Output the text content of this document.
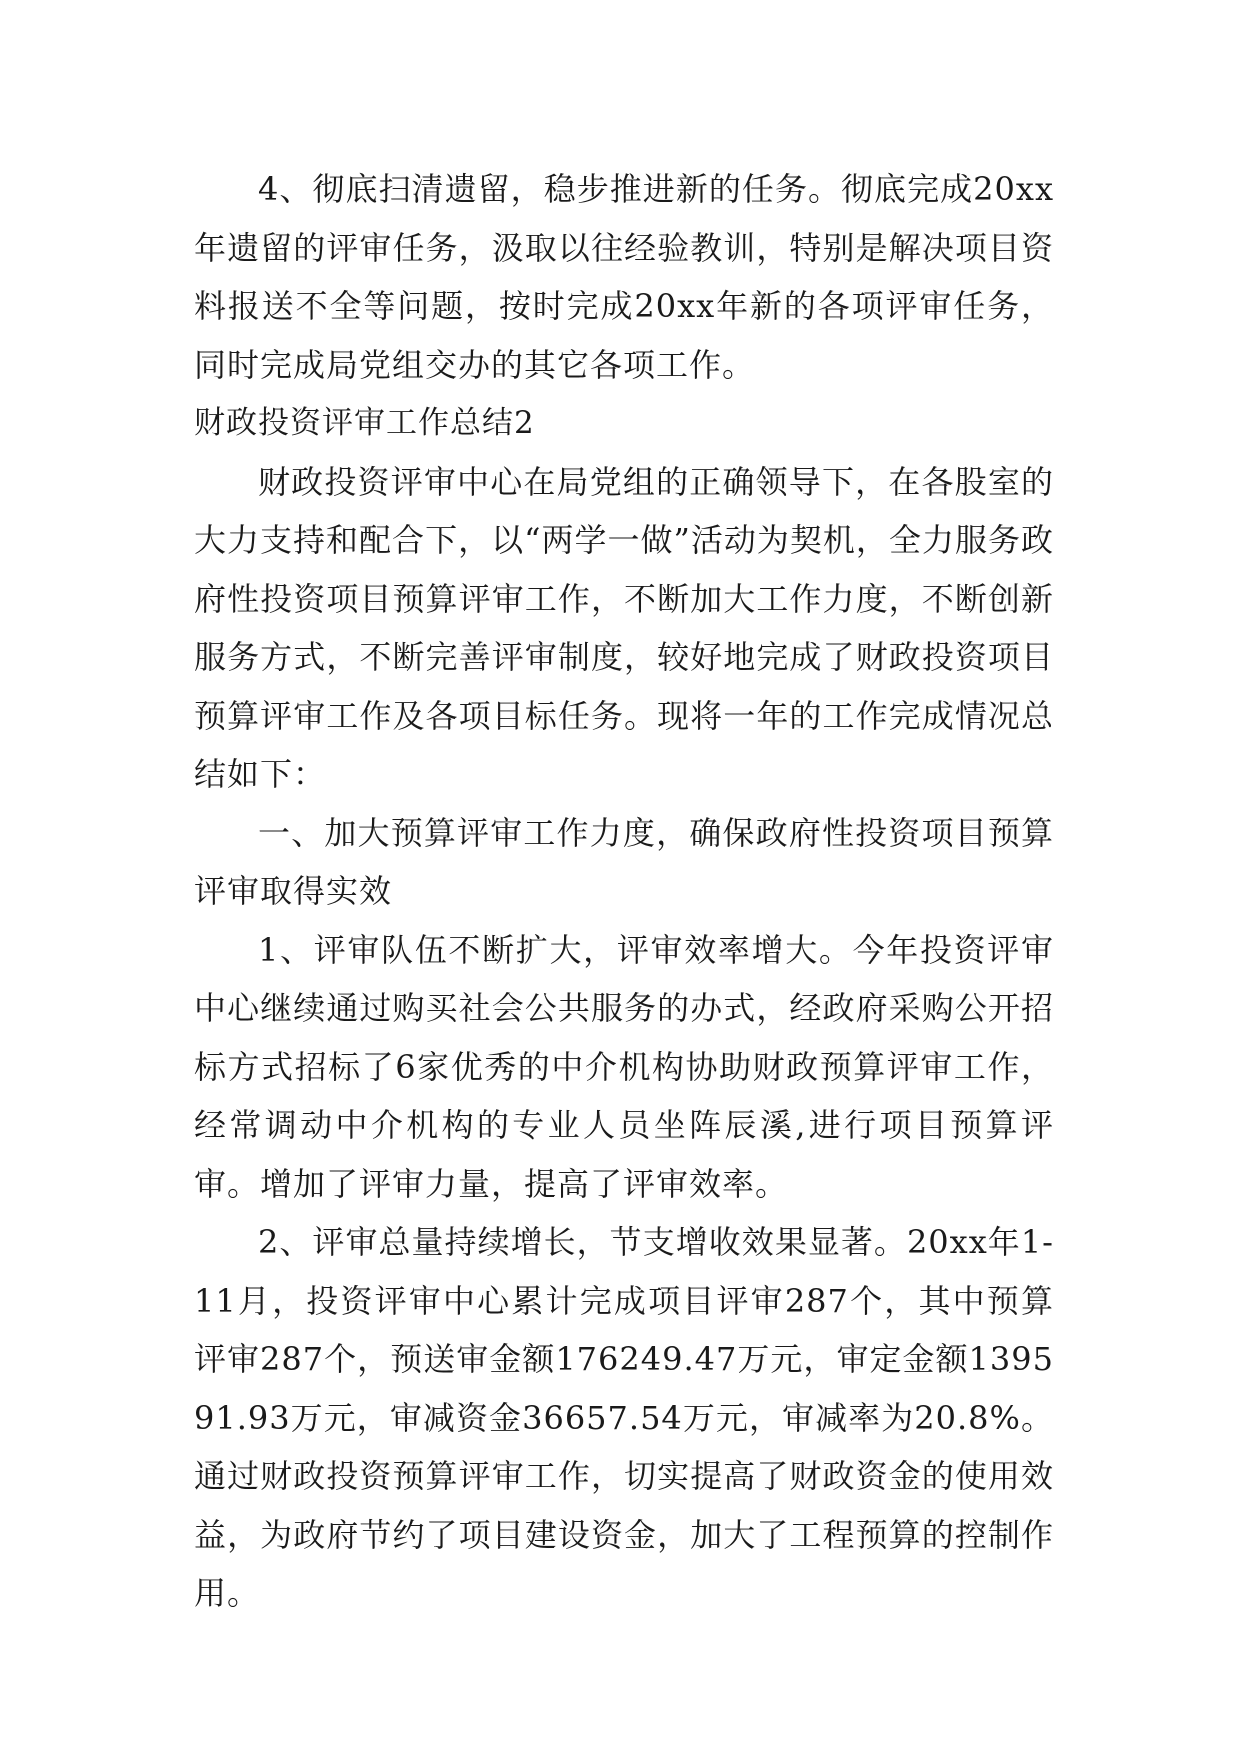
4、彻底扫清遗留，稳步推进新的任务。彻底完成20xx年遗留的评审任务，汲取以往经验教训，特别是解决项目资料报送不全等问题，按时完成20xx年新的各项评审任务，同时完成局党组交办的其它各项工作。

财政投资评审工作总结2

财政投资评审中心在局党组的正确领导下，在各股室的大力支持和配合下，以“两学一做”活动为契机，全力服务政府性投资项目预算评审工作，不断加大工作力度，不断创新服务方式，不断完善评审制度，较好地完成了财政投资项目预算评审工作及各项目标任务。现将一年的工作完成情况总结如下：

一、加大预算评审工作力度，确保政府性投资项目预算评审取得实效

1、评审队伍不断扩大，评审效率增大。今年投资评审中心继续通过购买社会公共服务的办式，经政府采购公开招标方式招标了6家优秀的中介机构协助财政预算评审工作，经常调动中介机构的专业人员坐阵辰溪,进行项目预算评审。增加了评审力量，提高了评审效率。

2、评审总量持续增长，节支增收效果显著。20xx年1-11月，投资评审中心累计完成项目评审287个，其中预算评审287个，预送审金额176249.47万元，审定金额139591.93万元，审减资金36657.54万元，审减率为20.8%。通过财政投资预算评审工作，切实提高了财政资金的使用效益，为政府节约了项目建设资金，加大了工程预算的控制作用。
